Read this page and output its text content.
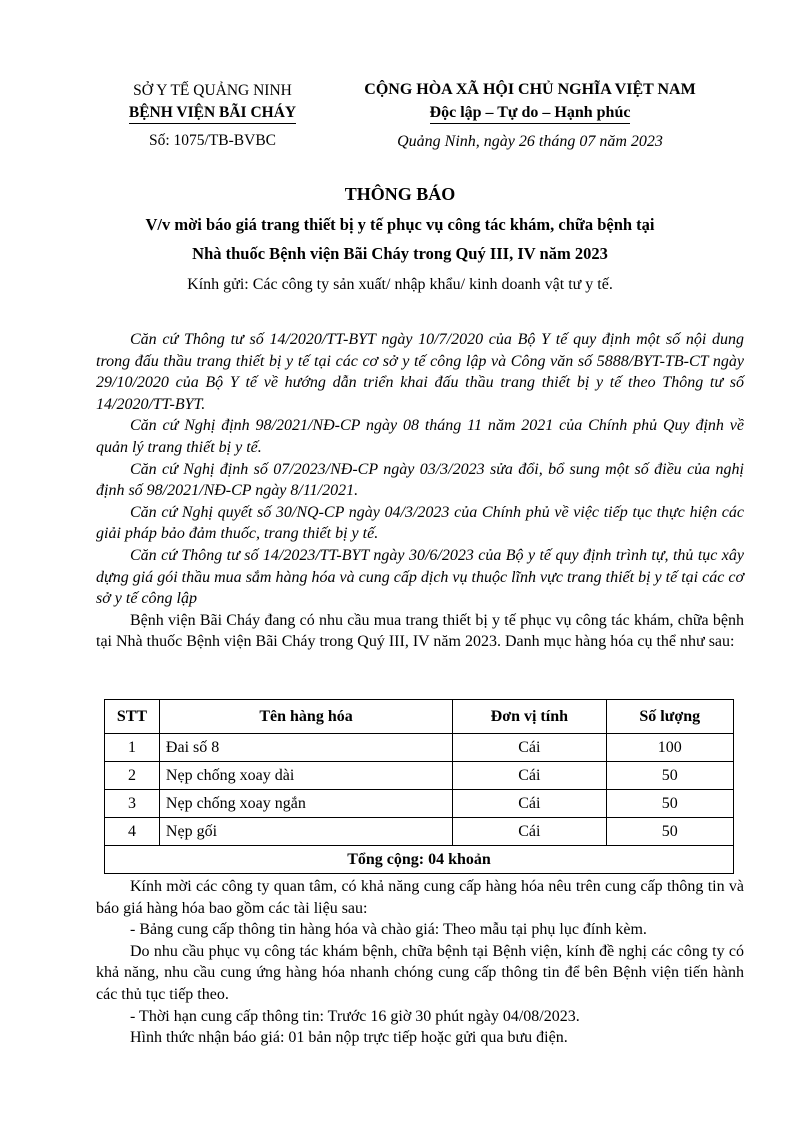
SỞ Y TẾ QUẢNG NINH
BỆNH VIỆN BÃI CHÁY
Số: 1075/TB-BVBC
CỘNG HÒA XÃ HỘI CHỦ NGHĨA VIỆT NAM
Độc lập – Tự do – Hạnh phúc
Quảng Ninh, ngày 26 tháng 07 năm 2023
THÔNG BÁO
V/v mời báo giá trang thiết bị y tế phục vụ công tác khám, chữa bệnh tại
Nhà thuốc Bệnh viện Bãi Cháy trong Quý III, IV năm 2023
Kính gửi: Các công ty sản xuất/ nhập khẩu/ kinh doanh vật tư y tế.

Căn cứ Thông tư số 14/2020/TT-BYT ngày 10/7/2020 của Bộ Y tế quy định một số nội dung trong đấu thầu trang thiết bị y tế tại các cơ sở y tế công lập và Công văn số 5888/BYT-TB-CT ngày 29/10/2020 của Bộ Y tế về hướng dẫn triển khai đấu thầu trang thiết bị y tế theo Thông tư số 14/2020/TT-BYT.

Căn cứ Nghị định 98/2021/NĐ-CP ngày 08 tháng 11 năm 2021 của Chính phủ Quy định về quản lý trang thiết bị y tế.

Căn cứ Nghị định số 07/2023/NĐ-CP ngày 03/3/2023 sửa đổi, bổ sung một số điều của nghị định số 98/2021/NĐ-CP ngày 8/11/2021.

Căn cứ Nghị quyết số 30/NQ-CP ngày 04/3/2023 của Chính phủ về việc tiếp tục thực hiện các giải pháp bảo đảm thuốc, trang thiết bị y tế.

Căn cứ Thông tư số 14/2023/TT-BYT ngày 30/6/2023 của Bộ y tế quy định trình tự, thủ tục xây dựng giá gói thầu mua sắm hàng hóa và cung cấp dịch vụ thuộc lĩnh vực trang thiết bị y tế tại các cơ sở y tế công lập

Bệnh viện Bãi Cháy đang có nhu cầu mua trang thiết bị y tế phục vụ công tác khám, chữa bệnh tại Nhà thuốc Bệnh viện Bãi Cháy trong Quý III, IV năm 2023. Danh mục hàng hóa cụ thể như sau:

STT	Tên hàng hóa	Đơn vị tính	Số lượng
1	Đai số 8	Cái	100
2	Nẹp chống xoay dài	Cái	50
3	Nẹp chống xoay ngắn	Cái	50
4	Nẹp gối	Cái	50
Tổng cộng: 04 khoản			

Kính mời các công ty quan tâm, có khả năng cung cấp hàng hóa nêu trên cung cấp thông tin và báo giá hàng hóa bao gồm các tài liệu sau:

- Bảng cung cấp thông tin hàng hóa và chào giá: Theo mẫu tại phụ lục đính kèm.

Do nhu cầu phục vụ công tác khám bệnh, chữa bệnh tại Bệnh viện, kính đề nghị các công ty có khả năng, nhu cầu cung ứng hàng hóa nhanh chóng cung cấp thông tin để bên Bệnh viện tiến hành các thủ tục tiếp theo.

- Thời hạn cung cấp thông tin: Trước 16 giờ 30 phút ngày 04/08/2023.

Hình thức nhận báo giá: 01 bản nộp trực tiếp hoặc gửi qua bưu điện.
